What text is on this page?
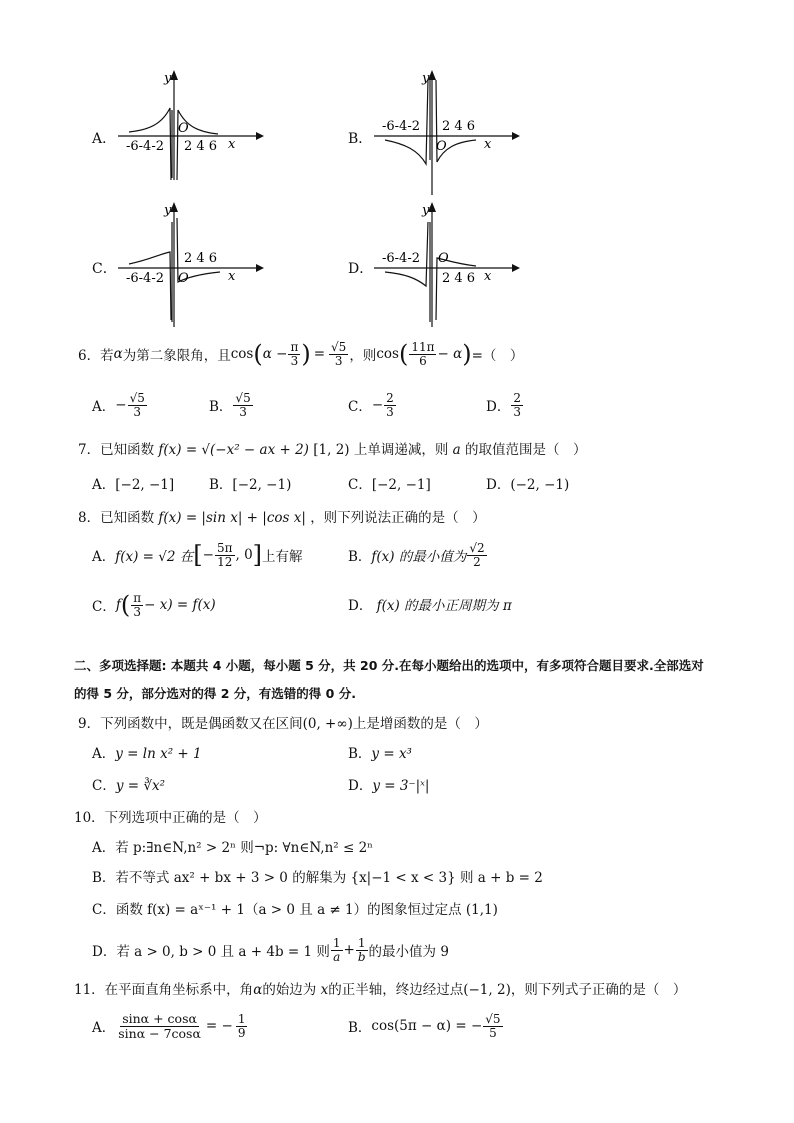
A． -6-4-2 2 4 6 x
y
O
B．
-6-4-2 2 4 6
x
y
O
C．
-6-4-2
2 4 6
x
y
O
D．
-6-4-2
2 4 6 x
y
O
6．若 α 为第二象限角，且 cos ( $\alpha - \frac{\pi}{3}$ ) = $\frac{√5}{3}$ ，则 cos ( $\frac{11\pi}{6} - \alpha$ ) =（　）
A． − $\frac{√5}{3}$	B． $\frac{√5}{3}$	C． − $\frac{2}{3}$	D． $\frac{2}{3}$
7．已知函数 f(x) = √(−x² − ax + 2) [1, 2) 上单调递减，则 a 的取值范围是（　）
A．[−2, −1]	B．[−2, −1)	C．[−2, −1]	D．(−2, −1)
8．已知函数 f(x) = |sin x| + |cos x| ，则下列说法正确的是（　）
A． f(x) = √2 在 [ − $\frac{5\pi}{12}$ , 0 ] 上有解	B． f(x) 的最小值为 $\frac{√2}{2}$
C． f ( $\frac{\pi}{3} - x) = f(x)$	D． f(x) 的最小正周期为 π
二、多项选择题: 本题共 4 小题，每小题 5 分，共 20 分.在每小题给出的选项中，有多项符合题目要求.全部选对
的得 5 分，部分选对的得 2 分，有选错的得 0 分.
9．下列函数中，既是偶函数又在区间(0, +∞)上是增函数的是（　）
A．y = ln x² + 1	B．y = x³
C．y = ∛x²	D．y = 3⁻|ˣ|
10．下列选项中正确的是（　）
A．若 p:∃n∈N,n² > 2ⁿ 则¬p: ∀n∈N,n² ≤ 2ⁿ
B．若不等式 ax² + bx + 3 > 0 的解集为 {x|−1 < x < 3} 则 a + b = 2
C．函数 f(x) = aˣ⁻¹ + 1（a > 0 且 a ≠ 1）的图象恒过定点 (1,1)
D．若 a > 0, b > 0 且 a + 4b = 1 则 $\frac{1}{a} + \frac{1}{b}$ 的最小值为 9
11．在平面直角坐标系中，角α的始边为 x的正半轴，终边经过点(−1, 2)，则下列式子正确的是（　）
A． $\frac{\sin\alpha + \cos\alpha}{\sin\alpha - 7\cos\alpha}$ = − $\frac{1}{9}$	B． cos(5π − α) = − $\frac{√5}{5}$
